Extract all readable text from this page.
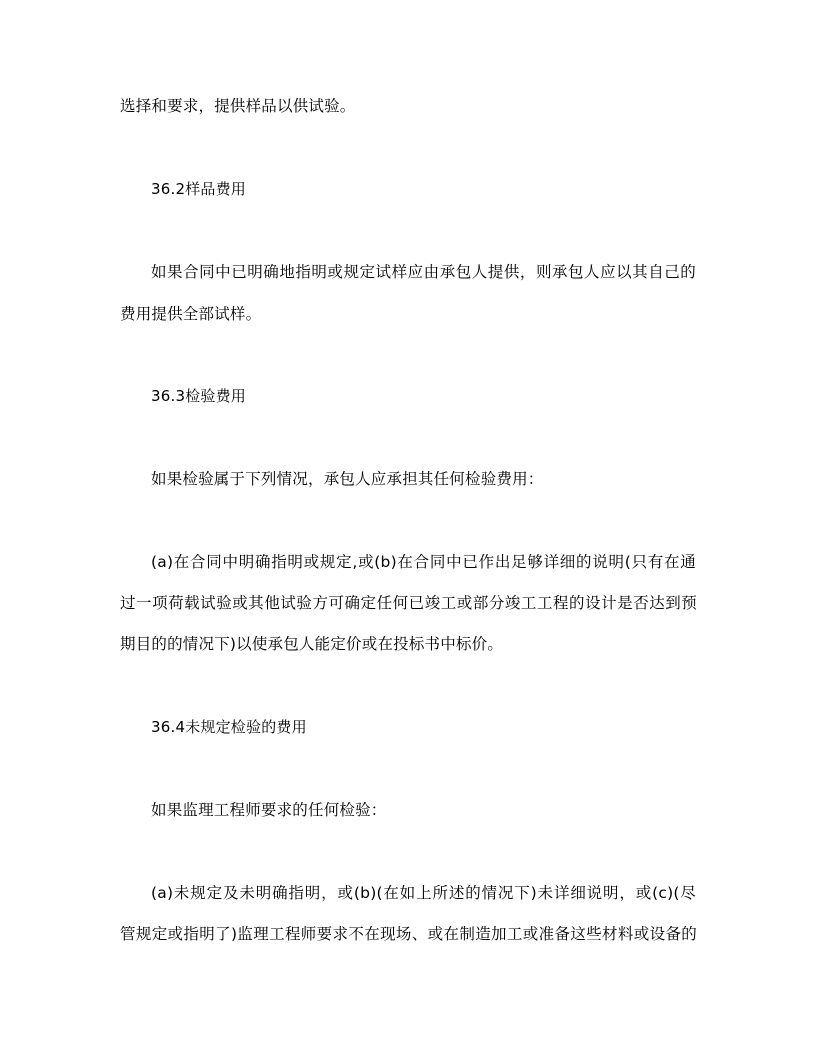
选择和要求，提供样品以供试验。
36.2样品费用
如果合同中已明确地指明或规定试样应由承包人提供，则承包人应以其自己的
费用提供全部试样。
36.3检验费用
如果检验属于下列情况，承包人应承担其任何检验费用：
(a)在合同中明确指明或规定,或(b)在合同中已作出足够详细的说明(只有在通
过一项荷载试验或其他试验方可确定任何已竣工或部分竣工工程的设计是否达到预
期目的的情况下)以使承包人能定价或在投标书中标价。
36.4未规定检验的费用
如果监理工程师要求的任何检验：
(a)未规定及未明确指明，或(b)(在如上所述的情况下)未详细说明，或(c)(尽
管规定或指明了)监理工程师要求不在现场、或在制造加工或准备这些材料或设备的
